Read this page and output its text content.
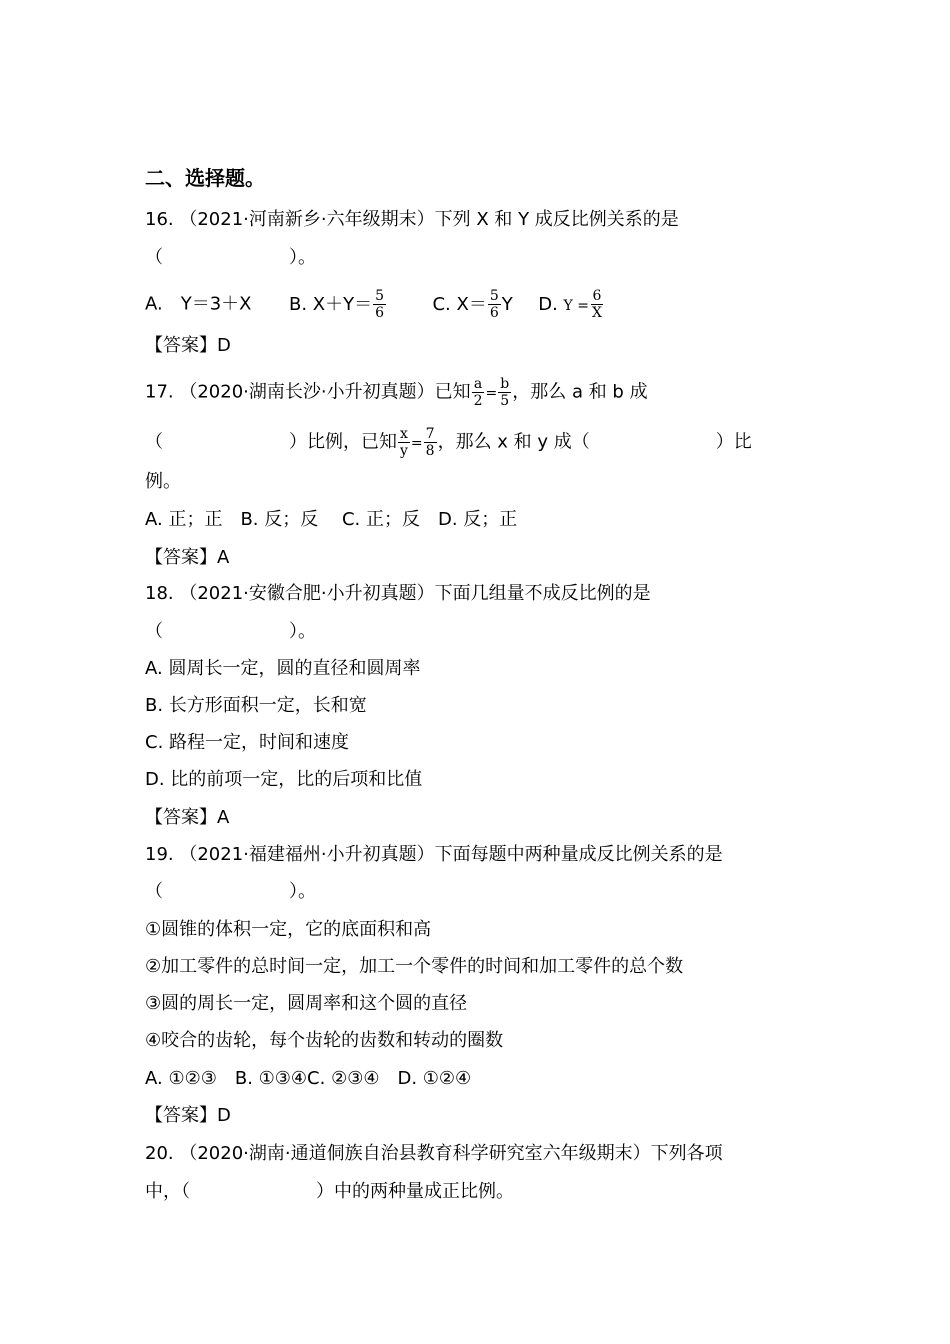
二、选择题。
16. （2021·河南新乡·六年级期末）下列 X 和 Y 成反比例关系的是
（　　　　　　　）。
A.　Y＝3＋X B. $X+Y= \frac{5}{6}$	C. $X= \frac{5}{6}$ Y D. $Y = \frac{6}{X}$
【答案】D
17. （2020·湖南长沙·小升初真题）已知 $\frac{a}{2} = \frac{b}{5}$ ，那么 a 和 b 成
（	）比例，已知 $\frac{x}{y} = \frac{7}{8}$ ，那么 x 和 y 成（	）比
例。
A. 正；正　B. 反；反　 C. 正；反　D. 反；正
【答案】A
18. （2021·安徽合肥·小升初真题）下面几组量不成反比例的是
（　　　　　　　）。
A. 圆周长一定，圆的直径和圆周率
B. 长方形面积一定，长和宽
C. 路程一定，时间和速度
D. 比的前项一定，比的后项和比值
【答案】A
19. （2021·福建福州·小升初真题）下面每题中两种量成反比例关系的是
（　　　　　　　）。
①圆锥的体积一定，它的底面积和高
②加工零件的总时间一定，加工一个零件的时间和加工零件的总个数
③圆的周长一定，圆周率和这个圆的直径
④咬合的齿轮，每个齿轮的齿数和转动的圈数
A. ①②③　B. ①③④C. ②③④　D. ①②④
【答案】D
20. （2020·湖南·通道侗族自治县教育科学研究室六年级期末）下列各项
中，（　　　　　　　）中的两种量成正比例。
